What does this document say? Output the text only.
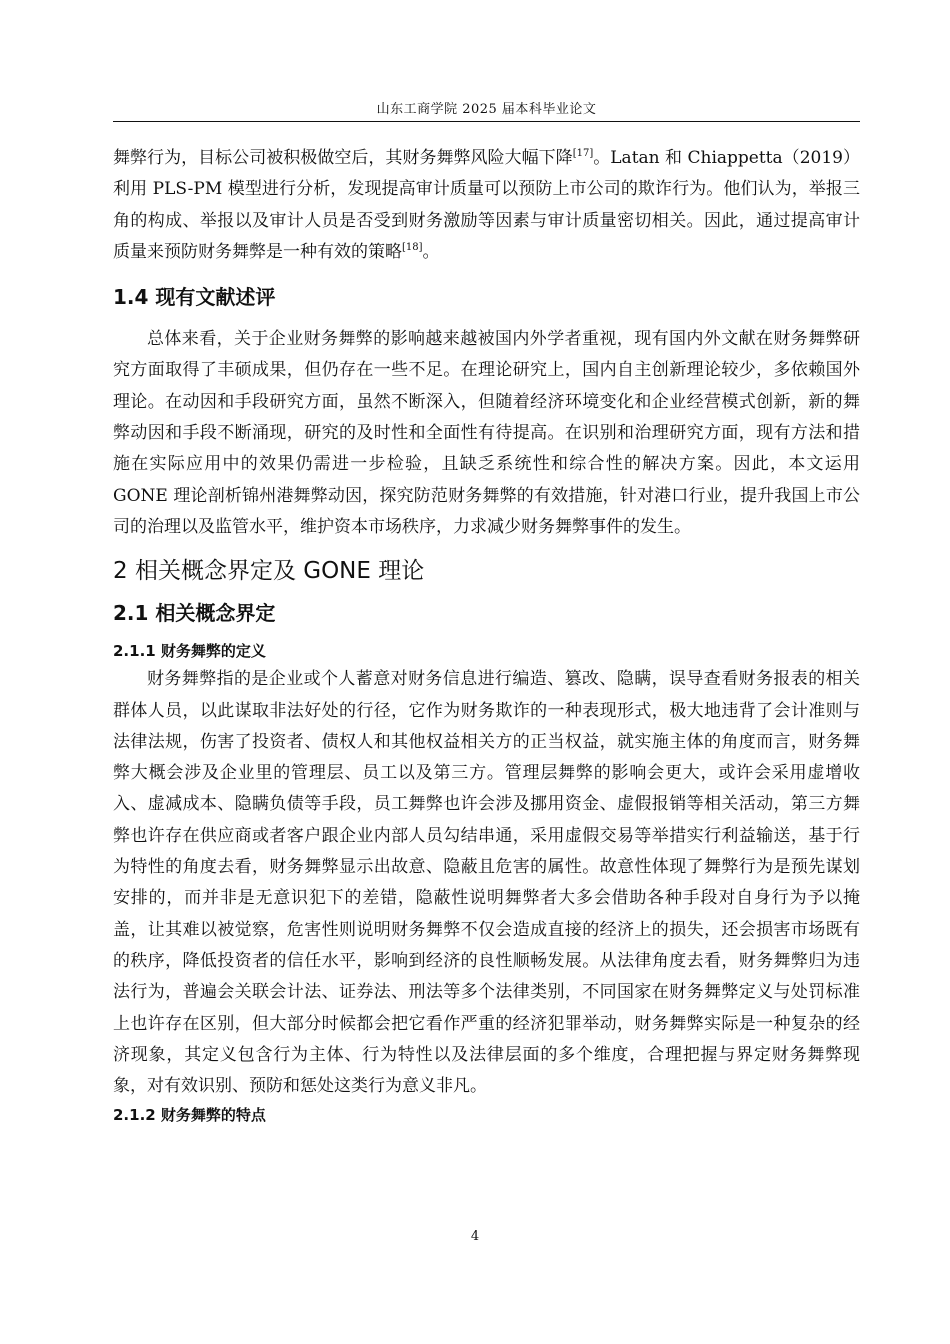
山东工商学院 2025 届本科毕业论文

舞弊行为，目标公司被积极做空后，其财务舞弊风险大幅下降[17]。Latan 和 Chiappetta（2019）利用 PLS-PM 模型进行分析，发现提高审计质量可以预防上市公司的欺诈行为。他们认为，举报三角的构成、举报以及审计人员是否受到财务激励等因素与审计质量密切相关。因此，通过提高审计质量来预防财务舞弊是一种有效的策略[18]。

1.4 现有文献述评

总体来看，关于企业财务舞弊的影响越来越被国内外学者重视，现有国内外文献在财务舞弊研究方面取得了丰硕成果，但仍存在一些不足。在理论研究上，国内自主创新理论较少，多依赖国外理论。在动因和手段研究方面，虽然不断深入，但随着经济环境变化和企业经营模式创新，新的舞弊动因和手段不断涌现，研究的及时性和全面性有待提高。在识别和治理研究方面，现有方法和措施在实际应用中的效果仍需进一步检验，且缺乏系统性和综合性的解决方案。因此，本文运用 GONE 理论剖析锦州港舞弊动因，探究防范财务舞弊的有效措施，针对港口行业，提升我国上市公司的治理以及监管水平，维护资本市场秩序，力求减少财务舞弊事件的发生。

2 相关概念界定及 GONE 理论
2.1 相关概念界定
2.1.1 财务舞弊的定义

财务舞弊指的是企业或个人蓄意对财务信息进行编造、篡改、隐瞒，误导查看财务报表的相关群体人员，以此谋取非法好处的行径，它作为财务欺诈的一种表现形式，极大地违背了会计准则与法律法规，伤害了投资者、债权人和其他权益相关方的正当权益，就实施主体的角度而言，财务舞弊大概会涉及企业里的管理层、员工以及第三方。管理层舞弊的影响会更大，或许会采用虚增收入、虚减成本、隐瞒负债等手段，员工舞弊也许会涉及挪用资金、虚假报销等相关活动，第三方舞弊也许存在供应商或者客户跟企业内部人员勾结串通，采用虚假交易等举措实行利益输送，基于行为特性的角度去看，财务舞弊显示出故意、隐蔽且危害的属性。故意性体现了舞弊行为是预先谋划安排的，而并非是无意识犯下的差错，隐蔽性说明舞弊者大多会借助各种手段对自身行为予以掩盖，让其难以被觉察，危害性则说明财务舞弊不仅会造成直接的经济上的损失，还会损害市场既有的秩序，降低投资者的信任水平，影响到经济的良性顺畅发展。从法律角度去看，财务舞弊归为违法行为，普遍会关联会计法、证券法、刑法等多个法律类别，不同国家在财务舞弊定义与处罚标准上也许存在区别，但大部分时候都会把它看作严重的经济犯罪举动，财务舞弊实际是一种复杂的经济现象，其定义包含行为主体、行为特性以及法律层面的多个维度，合理把握与界定财务舞弊现象，对有效识别、预防和惩处这类行为意义非凡。

2.1.2 财务舞弊的特点
4
